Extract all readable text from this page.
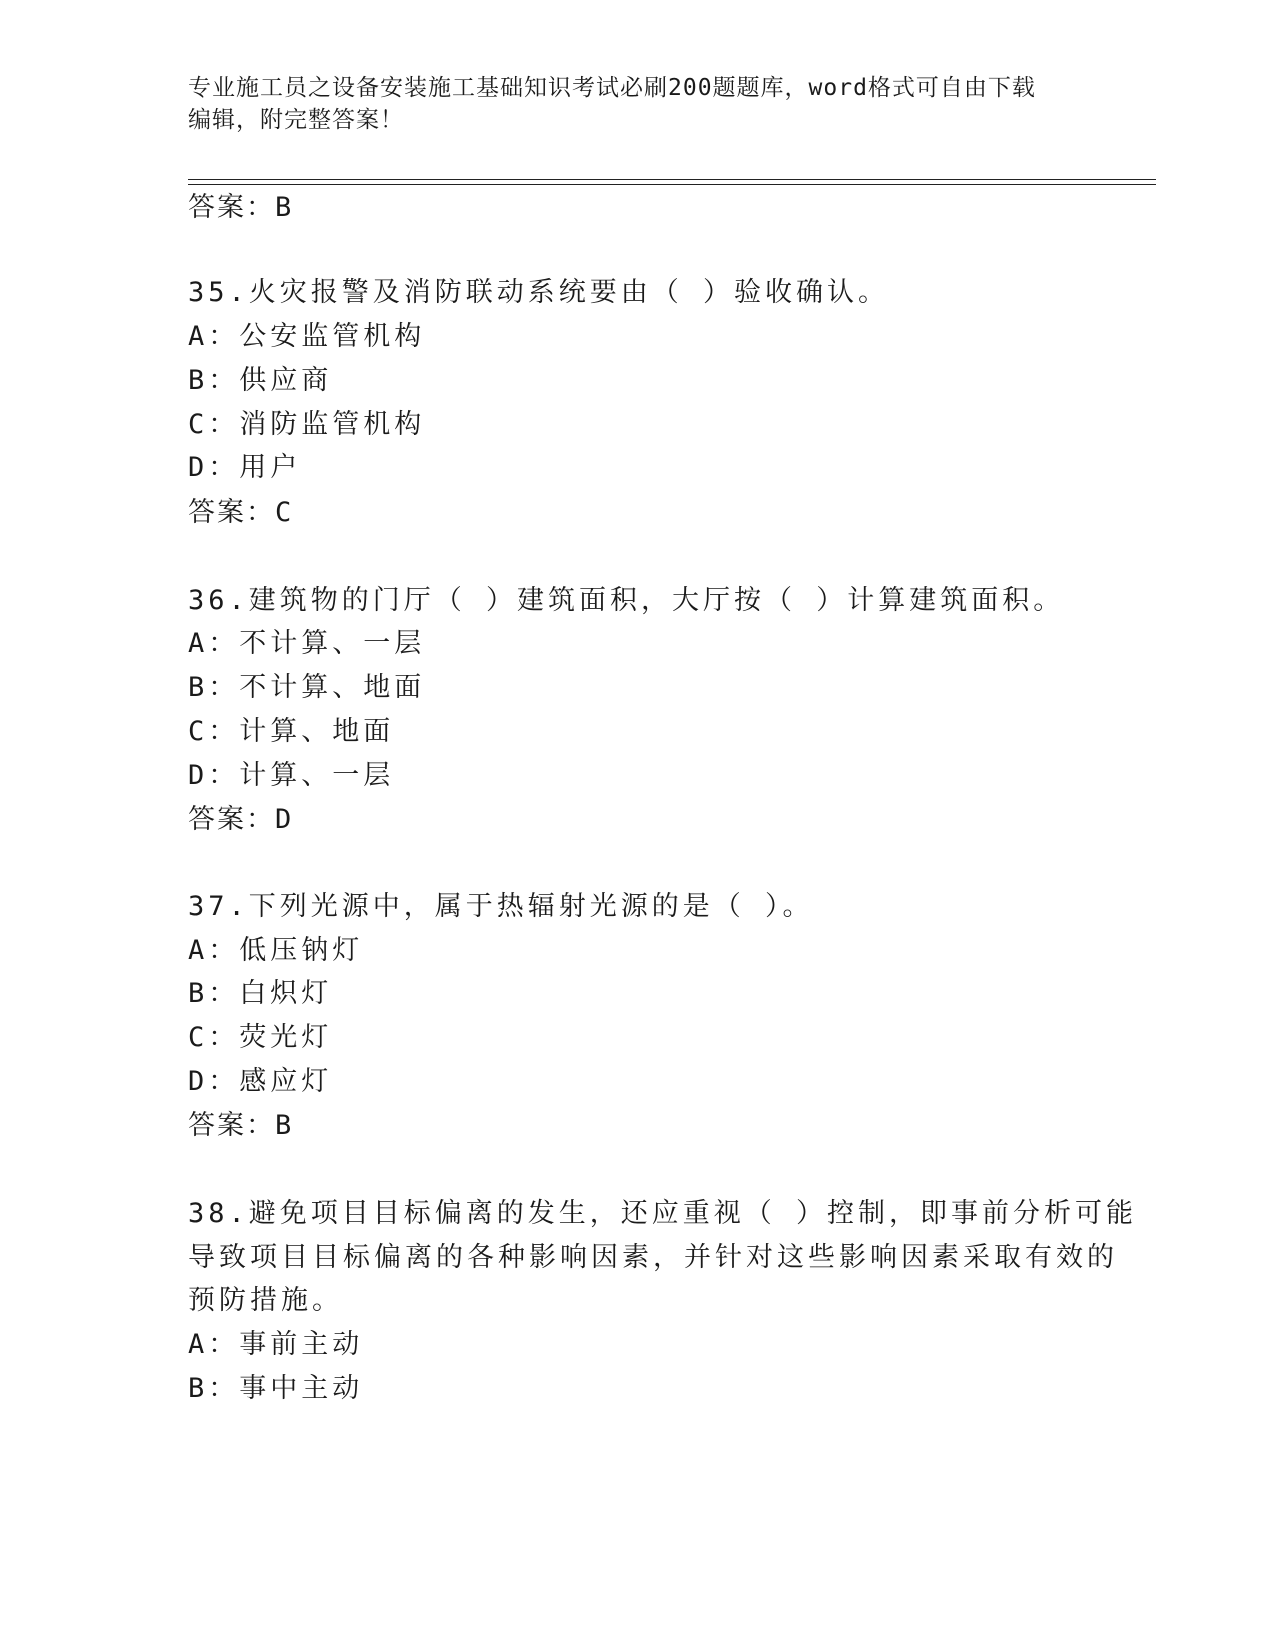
专业施工员之设备安装施工基础知识考试必刷200题题库，word格式可自由下载
编辑，附完整答案！
答案：B
35.火灾报警及消防联动系统要由（ ）验收确认。
A：公安监管机构
B：供应商
C：消防监管机构
D：用户
答案：C
36.建筑物的门厅（ ）建筑面积，大厅按（ ）计算建筑面积。
A：不计算、一层
B：不计算、地面
C：计算、地面
D：计算、一层
答案：D
37.下列光源中，属于热辐射光源的是（ ）。
A：低压钠灯
B：白炽灯
C：荧光灯
D：感应灯
答案：B
38.避免项目目标偏离的发生，还应重视（ ）控制，即事前分析可能
导致项目目标偏离的各种影响因素，并针对这些影响因素采取有效的
预防措施。
A：事前主动
B：事中主动
